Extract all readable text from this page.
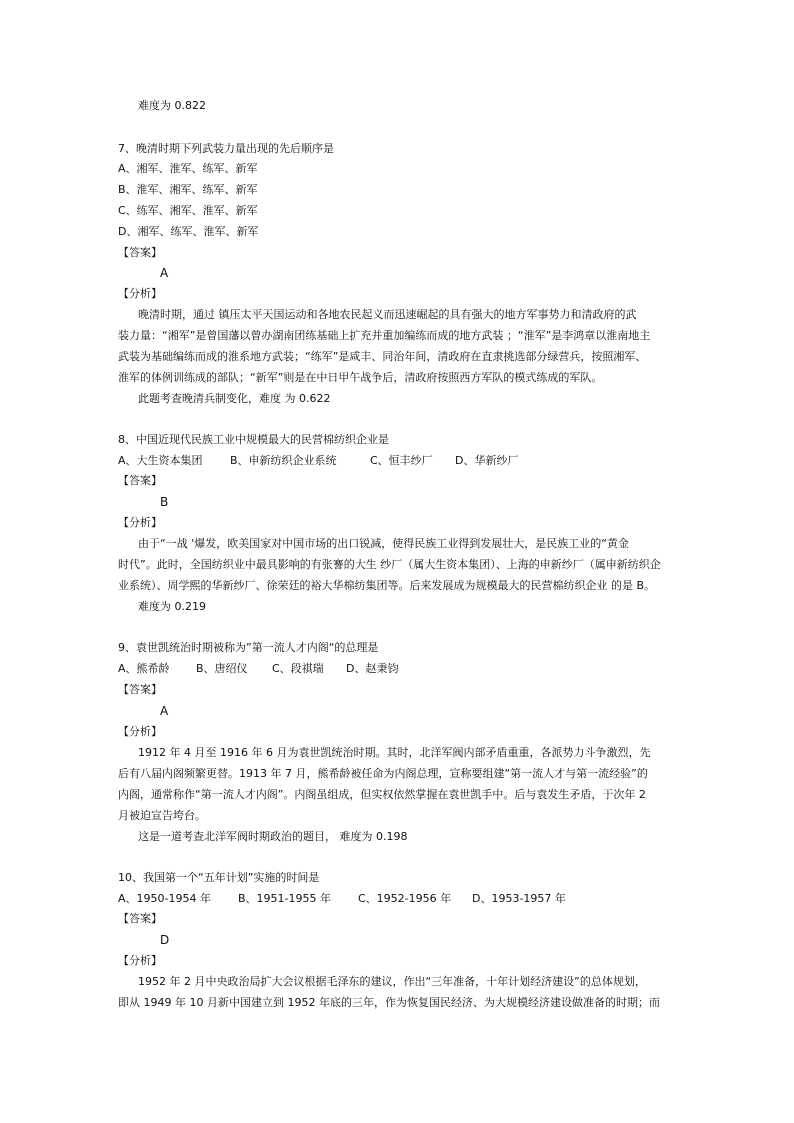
难度为 0.822
7、晚清时期下列武装力量出现的先后顺序是
A、湘军、淮军、练军、新军
B、淮军、湘军、练军、新军
C、练军、湘军、淮军、新军
D、湘军、练军、淮军、新军
【答案】
A
【分析】
晚清时期，通过 镇压太平天国运动和各地农民起义而迅速崛起的具有强大的地方军事势力和清政府的武
装力量：“湘军”是曾国藩以曾办湖南团练基础上扩充并重加编练而成的地方武装 ；“淮军”是李鸿章以淮南地主
武装为基础编练而成的淮系地方武装；“练军”是咸丰、同治年间，清政府在直隶挑选部分绿营兵，按照湘军、
淮军的体例训练成的部队；“新军”则是在中日甲午战争后，清政府按照西方军队的模式练成的军队。
此题考查晚清兵制变化，难度 为 0.622
8、中国近现代民族工业中规模最大的民营棉纺织企业是
A、大生资本集团 B、申新纺织企业系统	C、恒丰纱厂 D、华新纱厂
【答案】
B
【分析】
由于“一战 '爆发，欧美国家对中国市场的出口锐减，使得民族工业得到发展壮大，是民族工业的“黄金
时代”。此时，全国纺织业中最具影响的有张謇的大生 纱厂（属大生资本集团）、上海的申新纱厂（属申新纺织企
业系统）、周学熙的华新纱厂、徐荣廷的裕大华棉纺集团等。后来发展成为规模最大的民营棉纺织企业 的是 B。
难度为 0.219
9、袁世凯统治时期被称为”第一流人才内阁“的总理是
A、熊希龄 B、唐绍仪 C、段祺瑞 D、赵秉钧
【答案】
A
【分析】
1912 年 4 月至 1916 年 6 月为袁世凯统治时期。其时，北洋军阀内部矛盾重重，各派势力斗争激烈，先
后有八届内阁频繁更替。1913 年 7 月，熊希龄被任命为内阁总理，宣称要组建“第一流人才与第一流经验”的
内阁，通常称作“第一流人才内阁”。内阁虽组成，但实权依然掌握在袁世凯手中。后与袁发生矛盾，于次年 2
月被迫宣告垮台。
这是一道考查北洋军阀时期政治的题目， 难度为 0.198
10、我国第一个“五年计划”实施的时间是
A、1950-1954 年 B、1951-1955 年 C、1952-1956 年 D、1953-1957 年
【答案】
D
【分析】
1952 年 2 月中央政治局扩大会议根据毛泽东的建议，作出“三年准备，十年计划经济建设”的总体规划，
即从 1949 年 10 月新中国建立到 1952 年底的三年，作为恢复国民经济、为大规模经济建设做准备的时期；而
